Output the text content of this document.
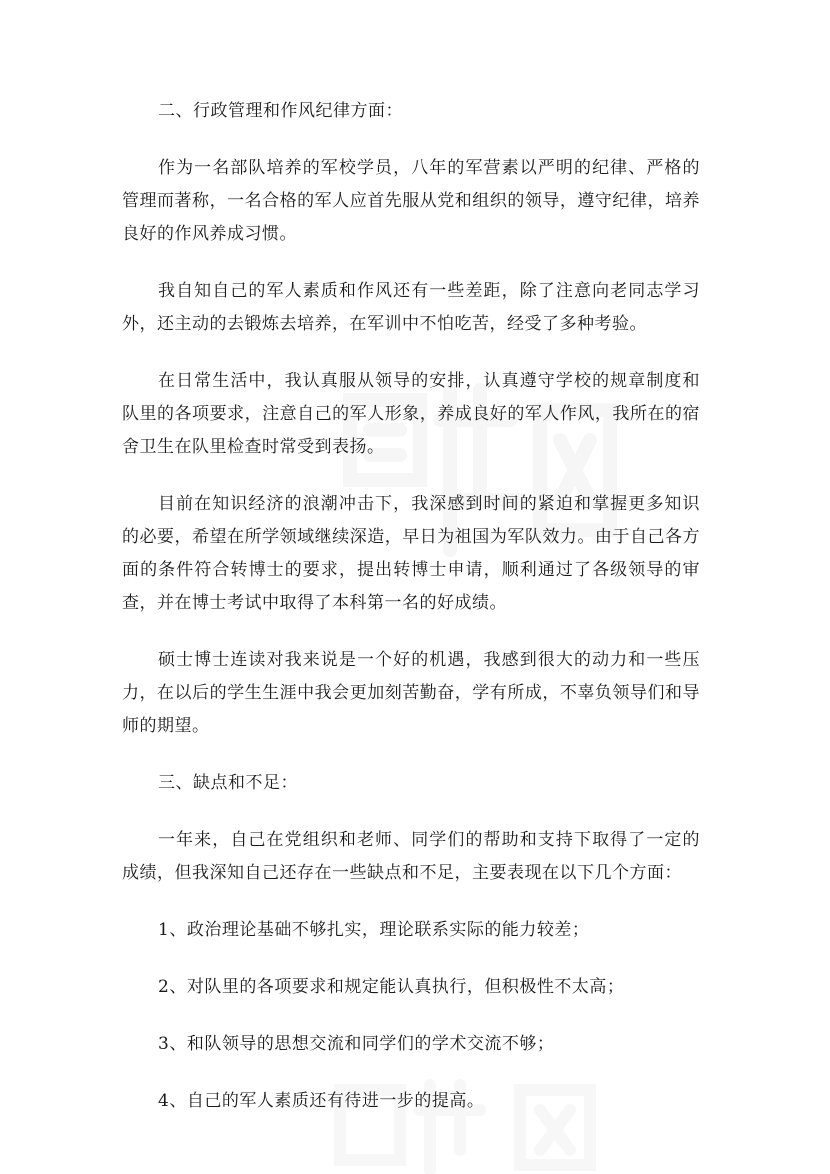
二、行政管理和作风纪律方面：

作为一名部队培养的军校学员，八年的军营素以严明的纪律、严格的管理而著称，一名合格的军人应首先服从党和组织的领导，遵守纪律，培养良好的作风养成习惯。

我自知自己的军人素质和作风还有一些差距，除了注意向老同志学习外，还主动的去锻炼去培养，在军训中不怕吃苦，经受了多种考验。

在日常生活中，我认真服从领导的安排，认真遵守学校的规章制度和队里的各项要求，注意自己的军人形象，养成良好的军人作风，我所在的宿舍卫生在队里检查时常受到表扬。

目前在知识经济的浪潮冲击下，我深感到时间的紧迫和掌握更多知识的必要，希望在所学领域继续深造，早日为祖国为军队效力。由于自己各方面的条件符合转博士的要求，提出转博士申请，顺利通过了各级领导的审查，并在博士考试中取得了本科第一名的好成绩。

硕士博士连读对我来说是一个好的机遇，我感到很大的动力和一些压力，在以后的学生生涯中我会更加刻苦勤奋，学有所成，不辜负领导们和导师的期望。

三、缺点和不足：

一年来，自己在党组织和老师、同学们的帮助和支持下取得了一定的成绩，但我深知自己还存在一些缺点和不足，主要表现在以下几个方面：

1、政治理论基础不够扎实，理论联系实际的能力较差；

2、对队里的各项要求和规定能认真执行，但积极性不太高；

3、和队领导的思想交流和同学们的学术交流不够；

4、自己的军人素质还有待进一步的提高。
